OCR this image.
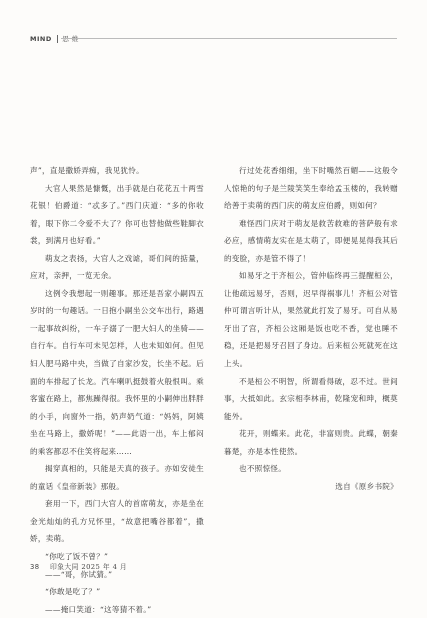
MIND 思 维

声”，直是撒娇弄痴，我见犹怜。

大官人果然是慷慨，出手就是白花花五十两雪花银！伯爵道：“忒多了。”西门庆道：“多的你收着，眼下你二令爱不大了？你可也替他做些鞋脚衣裳，到满月也好看。”

萌友之表扬，大官人之戏谑，哥们间的掂量，应对，亲押，一览无余。

这例令我想起一则趣事。那还是吾家小嗣四五岁时的一句趣话。一日抱小嗣坐公交车出行，路遇一起事故纠纷，一车子溺了一肥大妇人的坐骑——自行车。自行车可未见怎样，人也未知如何。但见妇人肥马路中央，当做了自家沙发，长坐不起。后面的车排起了长龙。汽车喇叭挺鼓着火般恨叫。乘客蜜在路上，都焦躁得很。我怀里的小嗣伸出胖胖的小手，向窗外一指，奶声奶气道：“妈妈，阿姨坐在马路上，撒娇呢！”——此语一出，车上郁闷的乘客都忍不住笑将起来……

揭穿真相的，只能是天真的孩子。亦如安徒生的童话《皇帝新装》那般。

套用一下，西门大官人的首席萌友，亦是坐在金光灿灿的孔方兄怀里，“故意把嘴谷都着”，撒娇，卖萌。

“你吃了饭不曾？”

——“哥，你试猜。”

“你敢是吃了？”

——掩口笑道：“这等猜不着。”

行过处花香细细，坐下时嘴然百媚——这般令人惊艳的句子是兰陵笑笑生奉给孟玉楼的，我转赠给善于卖萌的西门庆的萌友应伯爵，则如何？

难怪西门庆对于萌友是救苦救难的菩萨般有求必应，感情萌友实在是太萌了，即便晃晃得我其后的变脸，亦是管不得了！

如易牙之于齐桓公，管仲临终再三提醒桓公，让他疏远易牙，否则，迟早得祸事儿！齐桓公对管仲可谓言听计从，果然就此打发了易牙。可自从易牙出了宫，齐桓公这厢是饭也吃不香，觉也睡不稳，还是把易牙召回了身边。后来桓公死就死在这上头。

不是桓公不明智，所谓看得破，忍不过。世间事，大抵如此。玄宗相李林甫，乾隆宠和珅，概莫能外。

花开，则蝶来。此花，非富则贵。此蝶，朝秦暮楚，亦是本性使然。

也不照惊怪。

选自《原乡书院》

38 印象大同 2025 年 4 月
